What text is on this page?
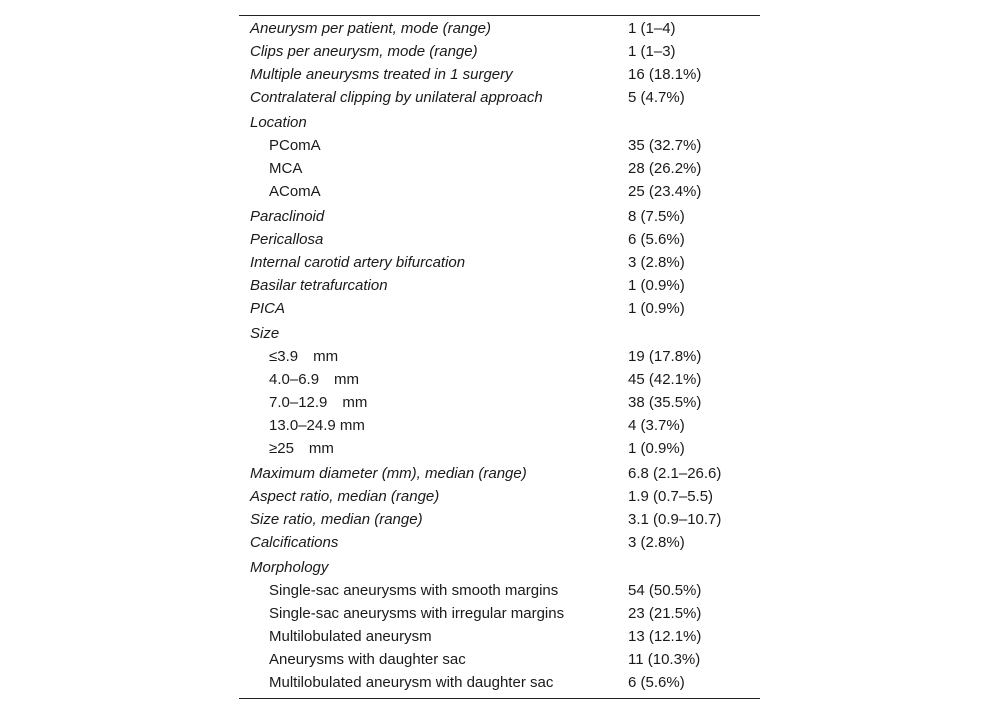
Aneurysm per patient, mode (range)	1 (1–4)
Clips per aneurysm, mode (range)	1 (1–3)
Multiple aneurysms treated in 1 surgery	16 (18.1%)
Contralateral clipping by unilateral approach	5 (4.7%)
Location
PComA	35 (32.7%)
MCA	28 (26.2%)
AComA	25 (23.4%)
Paraclinoid	8 (7.5%)
Pericallosa	6 (5.6%)
Internal carotid artery bifurcation	3 (2.8%)
Basilar tetrafurcation	1 (0.9%)
PICA	1 (0.9%)
Size
≤3.9 mm	19 (17.8%)
4.0–6.9 mm	45 (42.1%)
7.0–12.9 mm	38 (35.5%)
13.0–24.9 mm	4 (3.7%)
≥25 mm	1 (0.9%)
Maximum diameter (mm), median (range)	6.8 (2.1–26.6)
Aspect ratio, median (range)	1.9 (0.7–5.5)
Size ratio, median (range)	3.1 (0.9–10.7)
Calcifications	3 (2.8%)
Morphology
Single-sac aneurysms with smooth margins	54 (50.5%)
Single-sac aneurysms with irregular margins	23 (21.5%)
Multilobulated aneurysm	13 (12.1%)
Aneurysms with daughter sac	11 (10.3%)
Multilobulated aneurysm with daughter sac	6 (5.6%)
